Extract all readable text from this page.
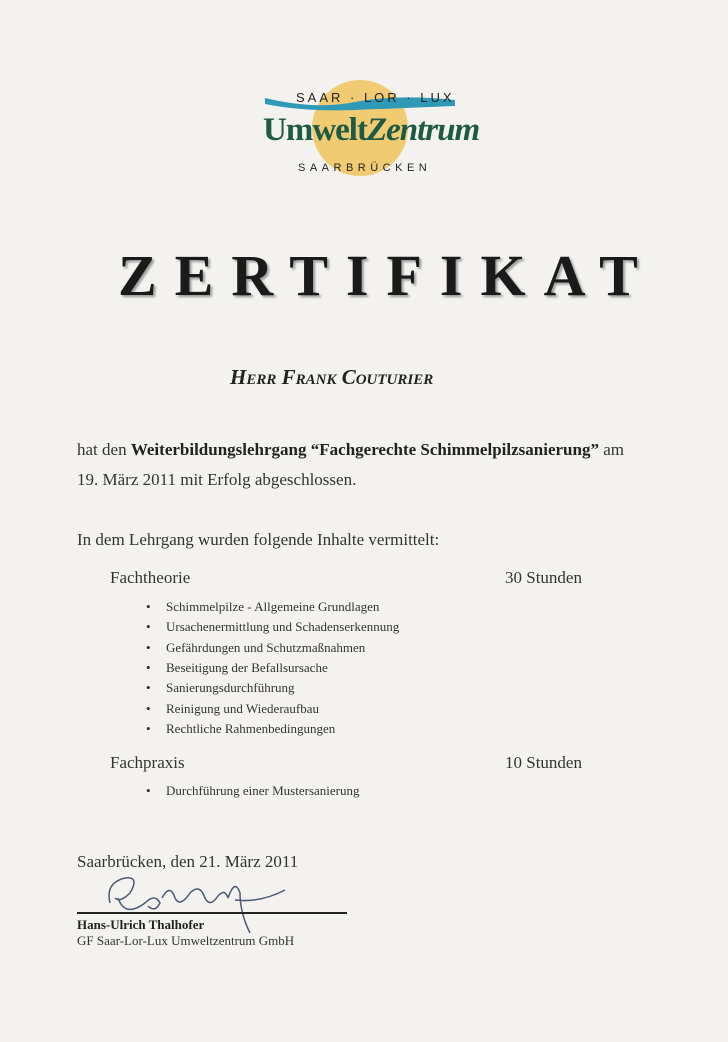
SAAR · LOR · LUX
UmweltZentrum
SAARBRÜCKEN
ZERTIFIKAT
Herr Frank Couturier
hat den Weiterbildungslehrgang “Fachgerechte Schimmelpilzsanierung” am
19. März 2011 mit Erfolg abgeschlossen.
In dem Lehrgang wurden folgende Inhalte vermittelt:
Fachtheorie	30 Stunden
• Schimmelpilze - Allgemeine Grundlagen
• Ursachenermittlung und Schadenserkennung
• Gefährdungen und Schutzmaßnahmen
• Beseitigung der Befallsursache
• Sanierungsdurchführung
• Reinigung und Wiederaufbau
• Rechtliche Rahmenbedingungen
Fachpraxis	10 Stunden
• Durchführung einer Mustersanierung
Saarbrücken, den 21. März 2011
Hans-Ulrich Thalhofer
GF Saar-Lor-Lux Umweltzentrum GmbH
